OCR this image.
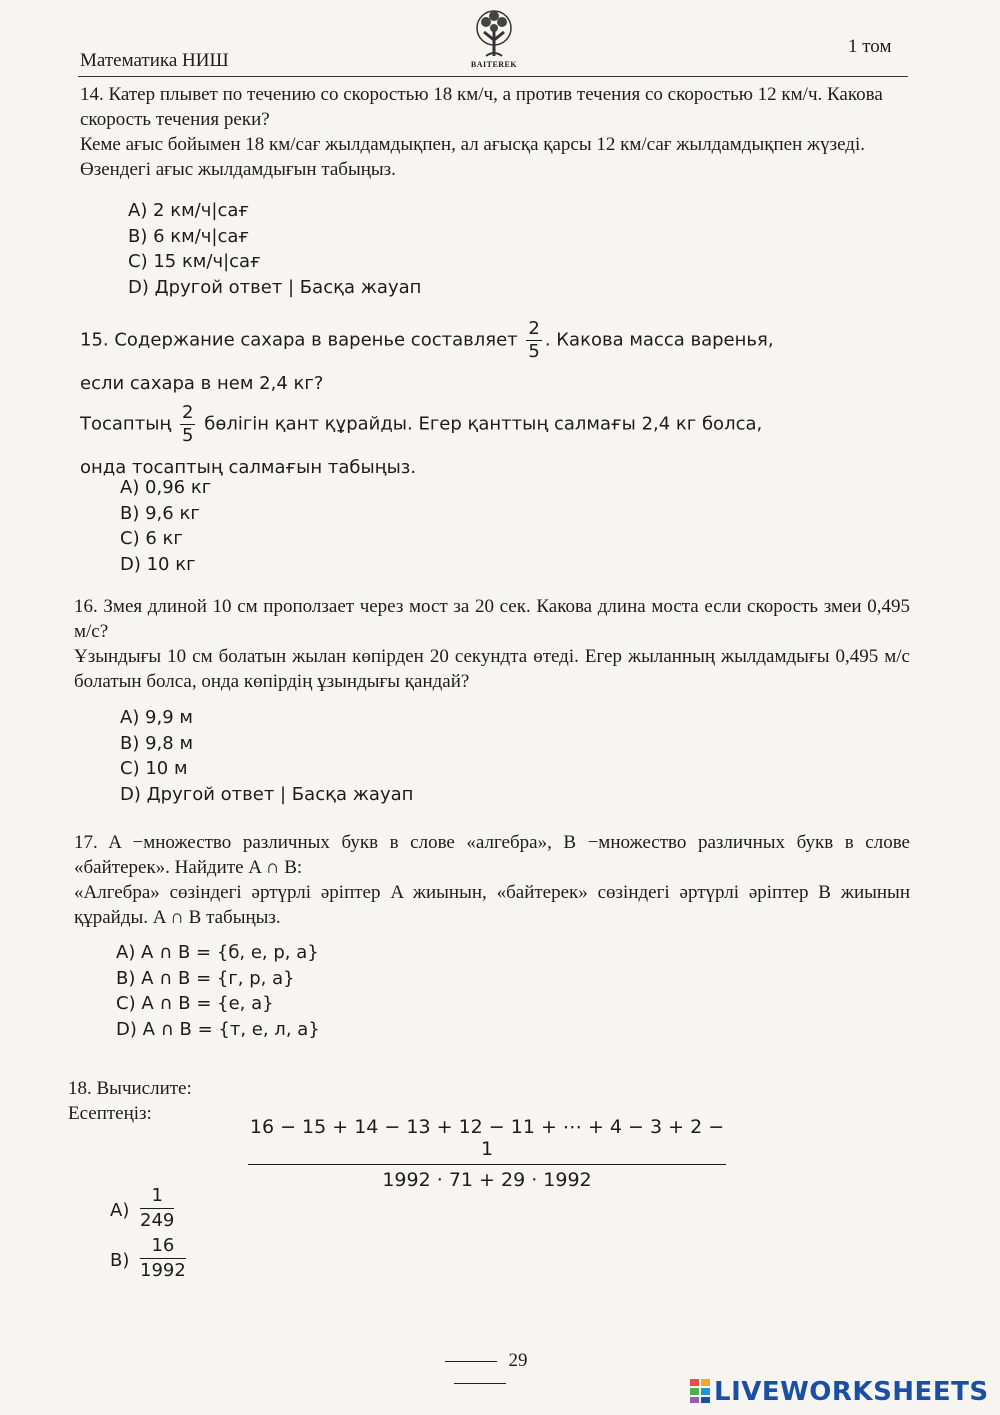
Математика НИШ	BAITEREK
1 том

14. Катер плывет по течению со скоростью 18 км/ч, а против течения со скоростью 12 км/ч. Какова скорость течения реки?

Кеме ағыс бойымен 18 км/сағ жылдамдықпен, ал ағысқа қарсы 12 км/сағ жылдамдықпен жүзеді. Өзендегі ағыс жылдамдығын табыңыз.

A) 2 км/ч|сағ
B) 6 км/ч|сағ
C) 15 км/ч|сағ
D) Другой ответ | Басқа жауап

15. Содержание сахара в варенье составляет $\frac{2}{5}$ . Какова масса варенья,

если сахара в нем 2,4 кг?

Тосаптың $\frac{2}{5}$ бөлігін қант құрайды. Егер қанттың салмағы 2,4 кг болса,

онда тосаптың салмағын табыңыз.

A) 0,96 кг
B) 9,6 кг
C) 6 кг
D) 10 кг

16. Змея длиной 10 см проползает через мост за 20 сек. Какова длина моста если скорость змеи 0,495 м/с?

Ұзындығы 10 см болатын жылан көпірден 20 секундта өтеді. Егер жыланның жылдамдығы 0,495 м/с болатын болса, онда көпірдің ұзындығы қандай?

A) 9,9 м
B) 9,8 м
C) 10 м
D) Другой ответ | Басқа жауап

17. A −множество различных букв в слове «алгебра», B −множество различных букв в слове «байтерек». Найдите A ∩ B:

«Алгебра» сөзіндегі әртүрлі әріптер A жиынын, «байтерек» сөзіндегі әртүрлі әріптер B жиынын құрайды. A ∩ B табыңыз.

A) A ∩ B = {б, е, р, а}
B) A ∩ B = {г, р, а}
C) A ∩ B = {е, а}
D) A ∩ B = {т, е, л, а}

18. Вычислите:

Есептеңіз:

$\frac{16 - 15 + 14 - 13 + 12 - 11 + \cdots + 4 - 3 + 2 - 1}{1992 \cdot 71 + 29 \cdot 1992}$
$A) \frac{1}{249}$
$B) \frac{16}{1992}$
29
LIVEWORKSHEETS
